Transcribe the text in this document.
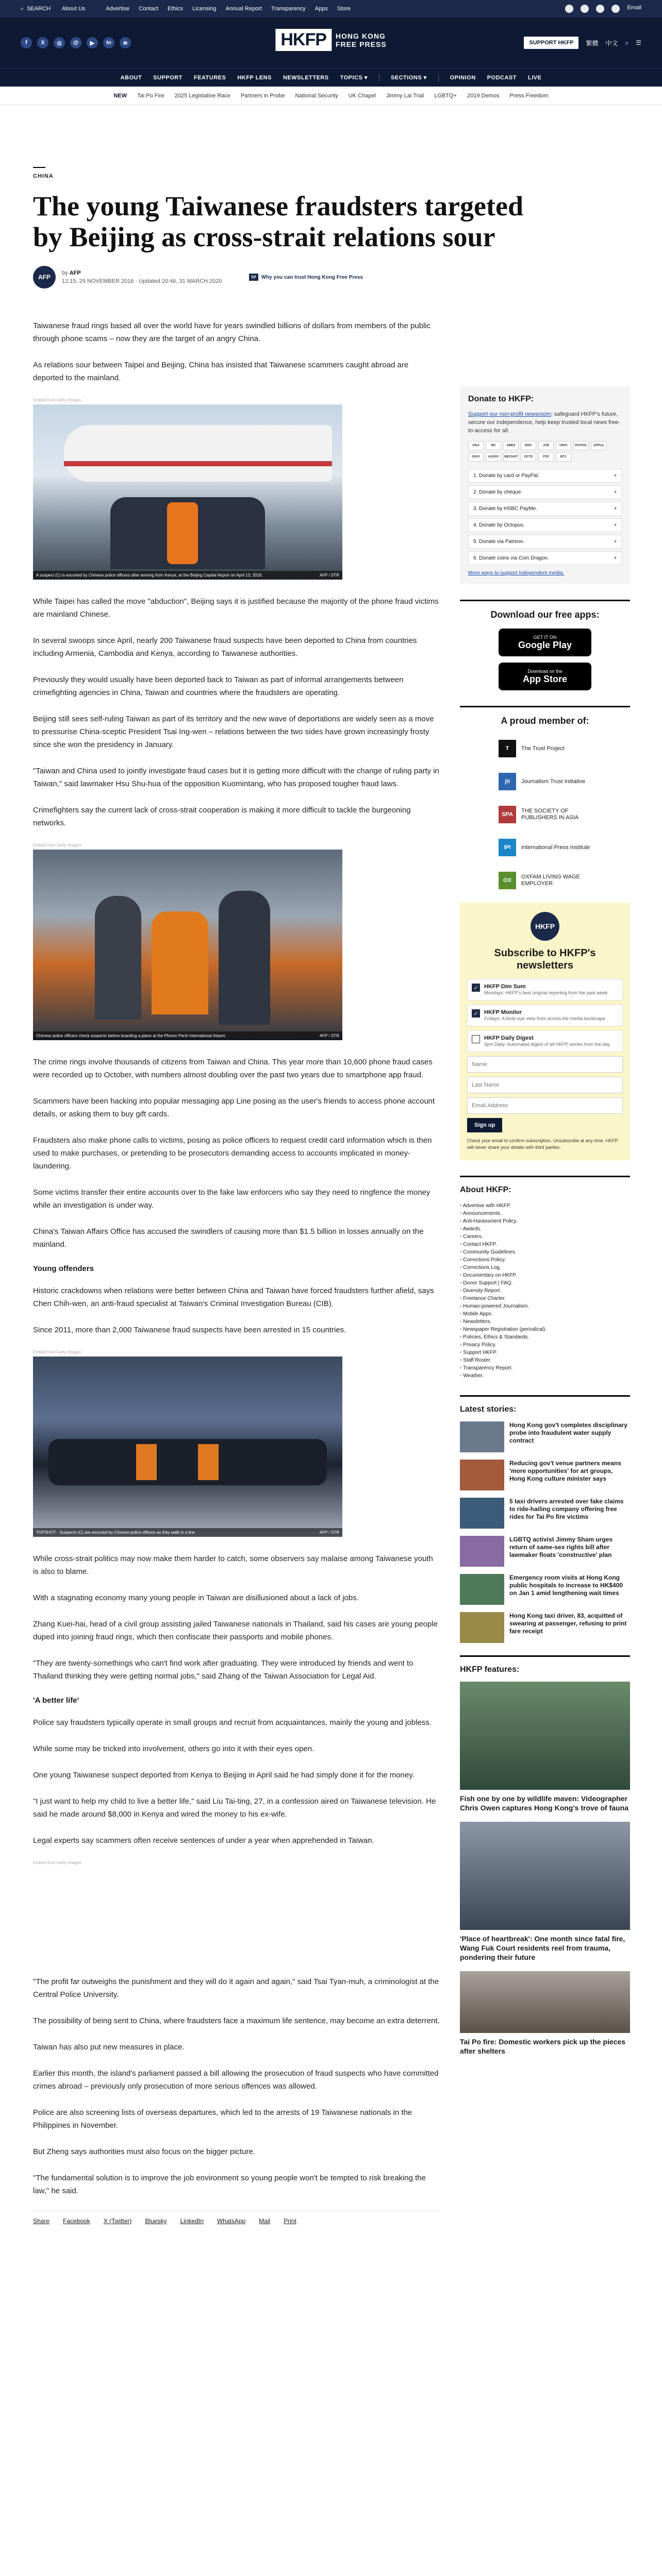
⌕ SEARCH About Us	Advertise Contact Ethics Licensing Annual Report Transparency Apps Store	Email
f	X	◎	@	▶	in	≋	HKFP	HONG KONG
FREE PRESS	SUPPORT HKFP	繁體 中文 ⌕ ☰
ABOUT SUPPORT FEATURES HKFP LENS NEWSLETTERS TOPICS ▾	SECTIONS ▾	OPINION PODCAST LIVE
NEW Tai Po Fire 2025 Legislative Race Partners in Probe National Security UK Chapel Jimmy Lai Trial LGBTQ+ 2019 Demos Press Freedom
CHINA
The young Taiwanese fraudsters targeted by Beijing as cross-strait relations sour
AFP
by AFP
12:15, 29 NOVEMBER 2016 · Updated 20:46, 31 MARCH 2020
TP Why you can trust Hong Kong Free Press

Taiwanese fraud rings based all over the world have for years swindled billions of dollars from members of the public through phone scams – now they are the target of an angry China.

As relations sour between Taipei and Beijing, China has insisted that Taiwanese scammers caught abroad are deported to the mainland.

Embed from Getty Images
A suspect (C) is escorted by Chinese police officers after arriving from Kenya, at the Beijing Capital Airport on April 13, 2016.	AFP / STR

While Taipei has called the move "abduction", Beijing says it is justified because the majority of the phone fraud victims are mainland Chinese.

In several swoops since April, nearly 200 Taiwanese fraud suspects have been deported to China from countries including Armenia, Cambodia and Kenya, according to Taiwanese authorities.

Previously they would usually have been deported back to Taiwan as part of informal arrangements between crimefighting agencies in China, Taiwan and countries where the fraudsters are operating.

Beijing still sees self-ruling Taiwan as part of its territory and the new wave of deportations are widely seen as a move to pressurise China-sceptic President Tsai Ing-wen – relations between the two sides have grown increasingly frosty since she won the presidency in January.

"Taiwan and China used to jointly investigate fraud cases but it is getting more difficult with the change of ruling party in Taiwan," said lawmaker Hsu Shu-hua of the opposition Kuomintang, who has proposed tougher fraud laws.

Crimefighters say the current lack of cross-strait cooperation is making it more difficult to tackle the burgeoning networks.

Embed from Getty Images
Chinese police officers check suspects before boarding a plane at the Phnom Penh International Airport.	AFP / STR

The crime rings involve thousands of citizens from Taiwan and China. This year more than 10,600 phone fraud cases were recorded up to October, with numbers almost doubling over the past two years due to smartphone app fraud.

Scammers have been hacking into popular messaging app Line posing as the user's friends to access phone account details, or asking them to buy gift cards.

Fraudsters also make phone calls to victims, posing as police officers to request credit card information which is then used to make purchases, or pretending to be prosecutors demanding access to accounts implicated in money-laundering.

Some victims transfer their entire accounts over to the fake law enforcers who say they need to ringfence the money while an investigation is under way.

China's Taiwan Affairs Office has accused the swindlers of causing more than $1.5 billion in losses annually on the mainland.

Young offenders

Historic crackdowns when relations were better between China and Taiwan have forced fraudsters further afield, says Chen Chih-wen, an anti-fraud specialist at Taiwan's Criminal Investigation Bureau (CIB).

Since 2011, more than 2,000 Taiwanese fraud suspects have been arrested in 15 countries.

Embed from Getty Images
TOPSHOT - Suspects (C) are escorted by Chinese police officers as they walk in a line.	AFP / STR

While cross-strait politics may now make them harder to catch, some observers say malaise among Taiwanese youth is also to blame.

With a stagnating economy many young people in Taiwan are disillusioned about a lack of jobs.

Zhang Kuei-hai, head of a civil group assisting jailed Taiwanese nationals in Thailand, said his cases are young people duped into joining fraud rings, which then confiscate their passports and mobile phones.

"They are twenty-somethings who can't find work after graduating. They were introduced by friends and went to Thailand thinking they were getting normal jobs," said Zhang of the Taiwan Association for Legal Aid.

'A better life'

Police say fraudsters typically operate in small groups and recruit from acquaintances, mainly the young and jobless.

While some may be tricked into involvement, others go into it with their eyes open.

One young Taiwanese suspect deported from Kenya to Beijing in April said he had simply done it for the money.

"I just want to help my child to live a better life," said Liu Tai-ting, 27, in a confession aired on Taiwanese television. He said he made around $8,000 in Kenya and wired the money to his ex-wife.

Legal experts say scammers often receive sentences of under a year when apprehended in Taiwan.

Embed from Getty Images

"The profit far outweighs the punishment and they will do it again and again," said Tsai Tyan-muh, a criminologist at the Central Police University.

The possibility of being sent to China, where fraudsters face a maximum life sentence, may become an extra deterrent.

Taiwan has also put new measures in place.

Earlier this month, the island's parliament passed a bill allowing the prosecution of fraud suspects who have committed crimes abroad – previously only prosecution of more serious offences was allowed.

Police are also screening lists of overseas departures, which led to the arrests of 19 Taiwanese nationals in the Philippines in November.

But Zheng says authorities must also focus on the bigger picture.

"The fundamental solution is to improve the job environment so young people won't be tempted to risk breaking the law," he said.

Share Facebook X (Twitter) Bluesky LinkedIn WhatsApp Mail Print
Donate to HKFP:
Support our non-profit newsroom: safeguard HKFP's future, secure our independence, help keep trusted local news free-to-access for all.
VISA	MC	AMEX	DISC	JCB	UPAY	PAYPAL	APPLE
GPAY	ALIPAY	WECHAT	OCTO	FPS	BTC
1. Donate by card or PayPal.	▾
2. Donate by cheque.	▾
3. Donate by HSBC PayMe.	▾
4. Donate by Octopus.	▾
5. Donate via Patreon.	▾
6. Donate coins via Coin Dragon.	▾
More ways to support independent media.
Download our free apps:
GET IT ON
Google Play
Download on the
App Store
A proud member of:
T	The Trust Project
jti	Journalism Trust Initiative
SPA
THE SOCIETY OF PUBLISHERS IN ASIA
IPI	International Press Institute
OX
OXFAM LIVING WAGE EMPLOYER
HKFP
Subscribe to HKFP's newsletters
✓	HKFP Dim Sum
Mondays: HKFP's best original reporting from the past week.
✓	HKFP Monitor
Fridays: A birds-eye view from across the media landscape.
HKFP Daily Digest
9pm Daily: Automated digest of all HKFP stories from the day.
Name Last Name Email Address Sign up
Check your email to confirm subscription. Unsubscribe at any time. HKFP will never share your details with third parties.
About HKFP:
• Advertise with HKFP.
• Announcements.
• Anti-Harassment Policy.
• Awards.
• Careers.
• Contact HKFP.
• Community Guidelines.
• Corrections Policy.
• Corrections Log.
• Documentary on HKFP.
• Donor Support | FAQ.
• Diversity Report.
• Freelance Charter.
• Human-powered Journalism.
• Mobile Apps.
• Newsletters.
• Newspaper Registration (periodical).
• Policies, Ethics & Standards.
• Privacy Policy.
• Support HKFP.
• Staff Roster.
• Transparency Report.
• Weather.
Latest stories:
Hong Kong gov't completes disciplinary probe into fraudulent water supply contract
Reducing gov't venue partners means 'more opportunities' for art groups, Hong Kong culture minister says
5 taxi drivers arrested over fake claims to ride-hailing company offering free rides for Tai Po fire victims
LGBTQ activist Jimmy Sham urges return of same-sex rights bill after lawmaker floats 'constructive' plan
Emergency room visits at Hong Kong public hospitals to increase to HK$400 on Jan 1 amid lengthening wait times
Hong Kong taxi driver, 83, acquitted of swearing at passenger, refusing to print fare receipt
HKFP features:
Fish one by one by wildlife maven: Videographer Chris Owen captures Hong Kong's trove of fauna
'Place of heartbreak': One month since fatal fire, Wang Fuk Court residents reel from trauma, pondering their future
Tai Po fire: Domestic workers pick up the pieces after shelters
